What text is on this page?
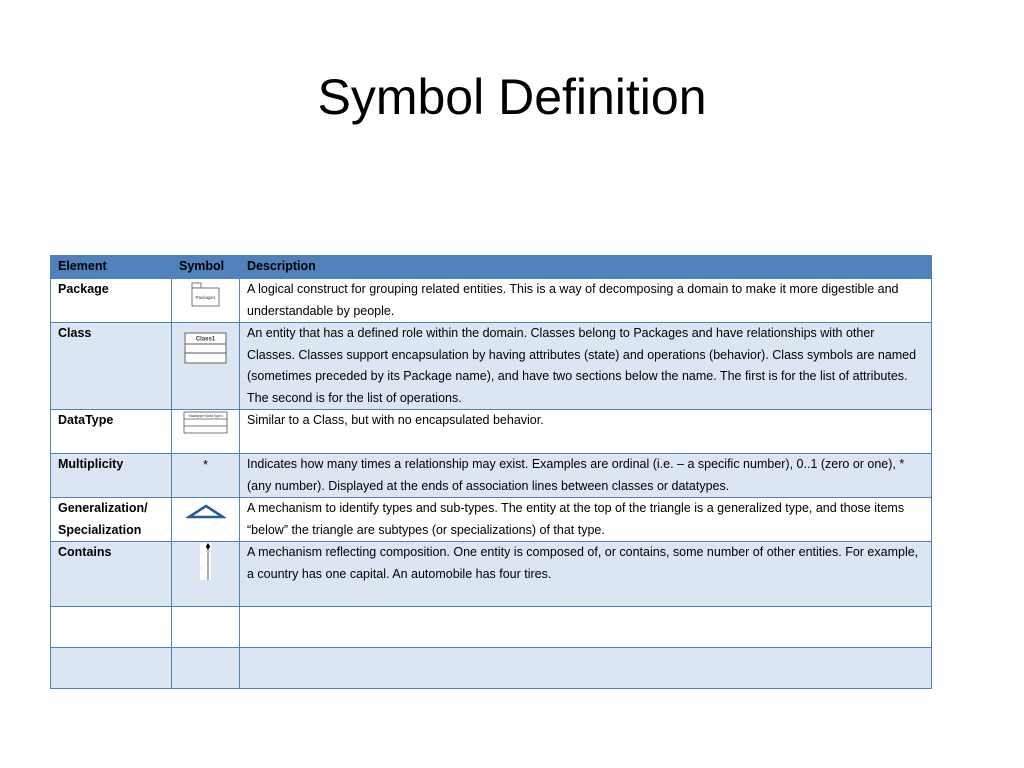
Symbol Definition
Element	Symbol	Description
Package	Package1	A logical construct for grouping related entities. This is a way of decomposing a domain to make it more digestible and understandable by people.
Class	Class1	An entity that has a defined role within the domain. Classes belong to Packages and have relationships with other Classes. Classes support encapsulation by having attributes (state) and operations (behavior). Class symbols are named (sometimes preceded by its Package name), and have two sections below the name. The first is for the list of attributes. The second is for the list of operations.
DataType	«datatype»DataType1	Similar to a Class, but with no encapsulated behavior.
Multiplicity	*	Indicates how many times a relationship may exist. Examples are ordinal (i.e. – a specific number), 0..1 (zero or one), * (any number). Displayed at the ends of association lines between classes or datatypes.
Generalization/ Specialization		A mechanism to identify types and sub-types. The entity at the top of the triangle is a generalized type, and those items “below” the triangle are subtypes (or specializations) of that type.
Contains		A mechanism reflecting composition. One entity is composed of, or contains, some number of other entities. For example, a country has one capital. An automobile has four tires.
